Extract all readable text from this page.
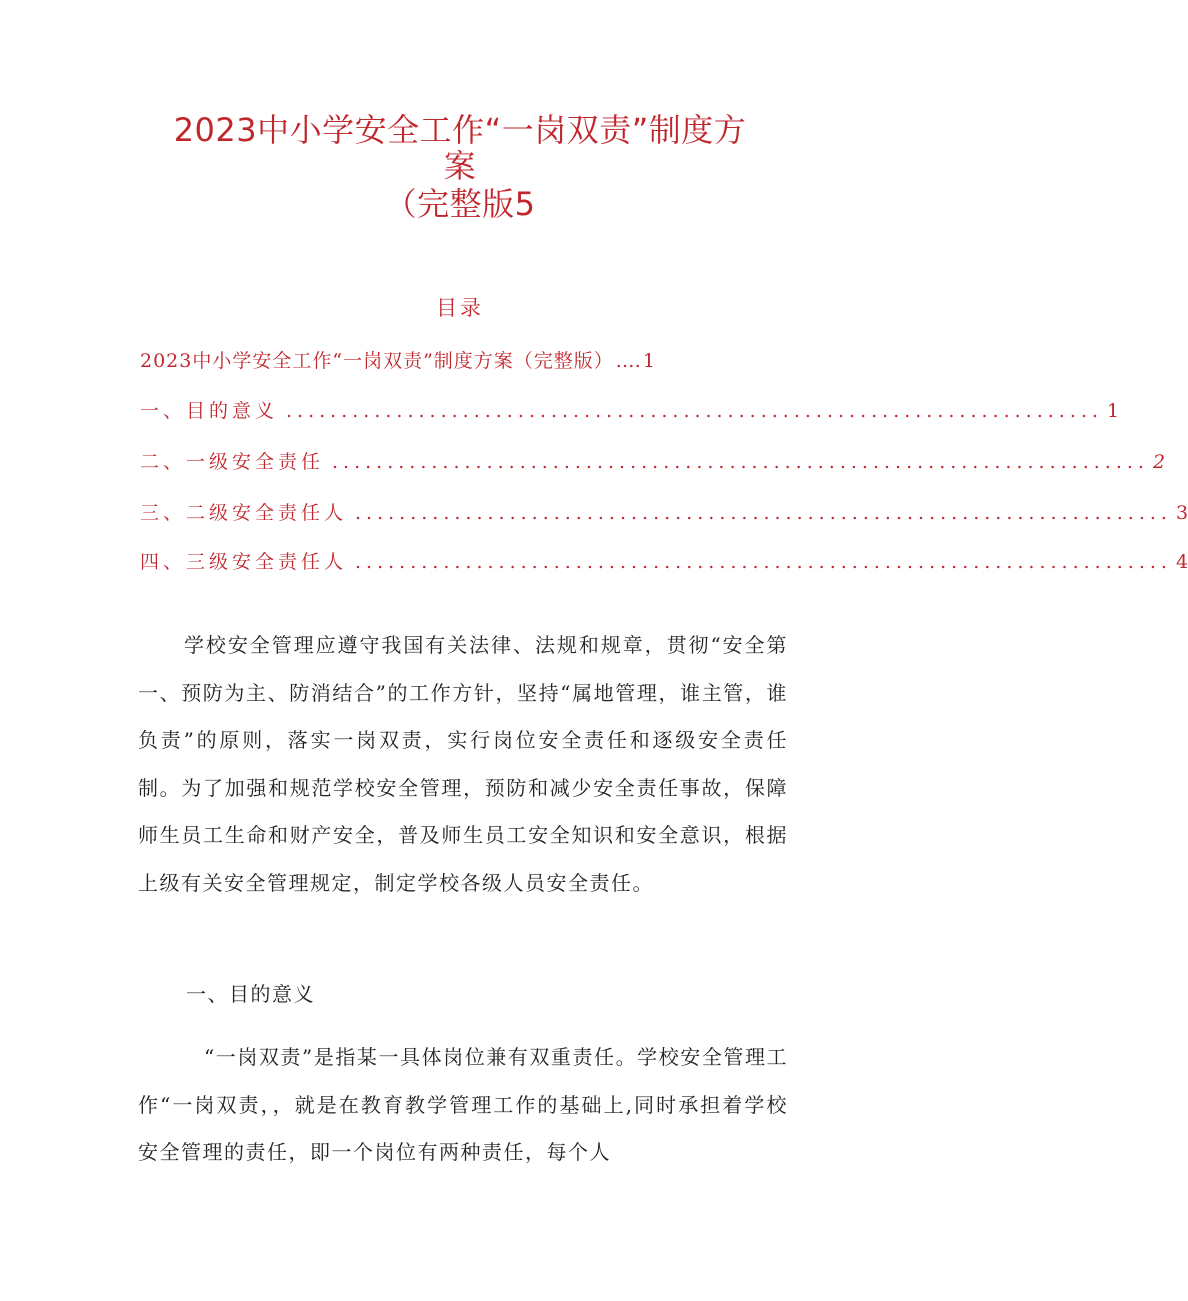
2023中小学安全工作“一岗双责”制度方
案
（完整版5
目录
2023中小学安全工作“一岗双责”制度方案（完整版） .… 1
一、目的意义 .......................................................................... 1
二、一级安全责任 .......................................................................... 2
三、二级安全责任人 .......................................................................... 3
四、三级安全责任人 .......................................................................... 4

学校安全管理应遵守我国有关法律、法规和规章，贯彻“安全第一、预防为主、防消结合”的工作方针，坚持“属地管理，谁主管，谁负责”的原则，落实一岗双责，实行岗位安全责任和逐级安全责任制。为了加强和规范学校安全管理，预防和减少安全责任事故，保障师生员工生命和财产安全，普及师生员工安全知识和安全意识，根据上级有关安全管理规定，制定学校各级人员安全责任。

一、目的意义

“一岗双责”是指某一具体岗位兼有双重责任。学校安全管理工作“一岗双责，，就是在教育教学管理工作的基础上,同时承担着学校安全管理的责任，即一个岗位有两种责任，每个人
